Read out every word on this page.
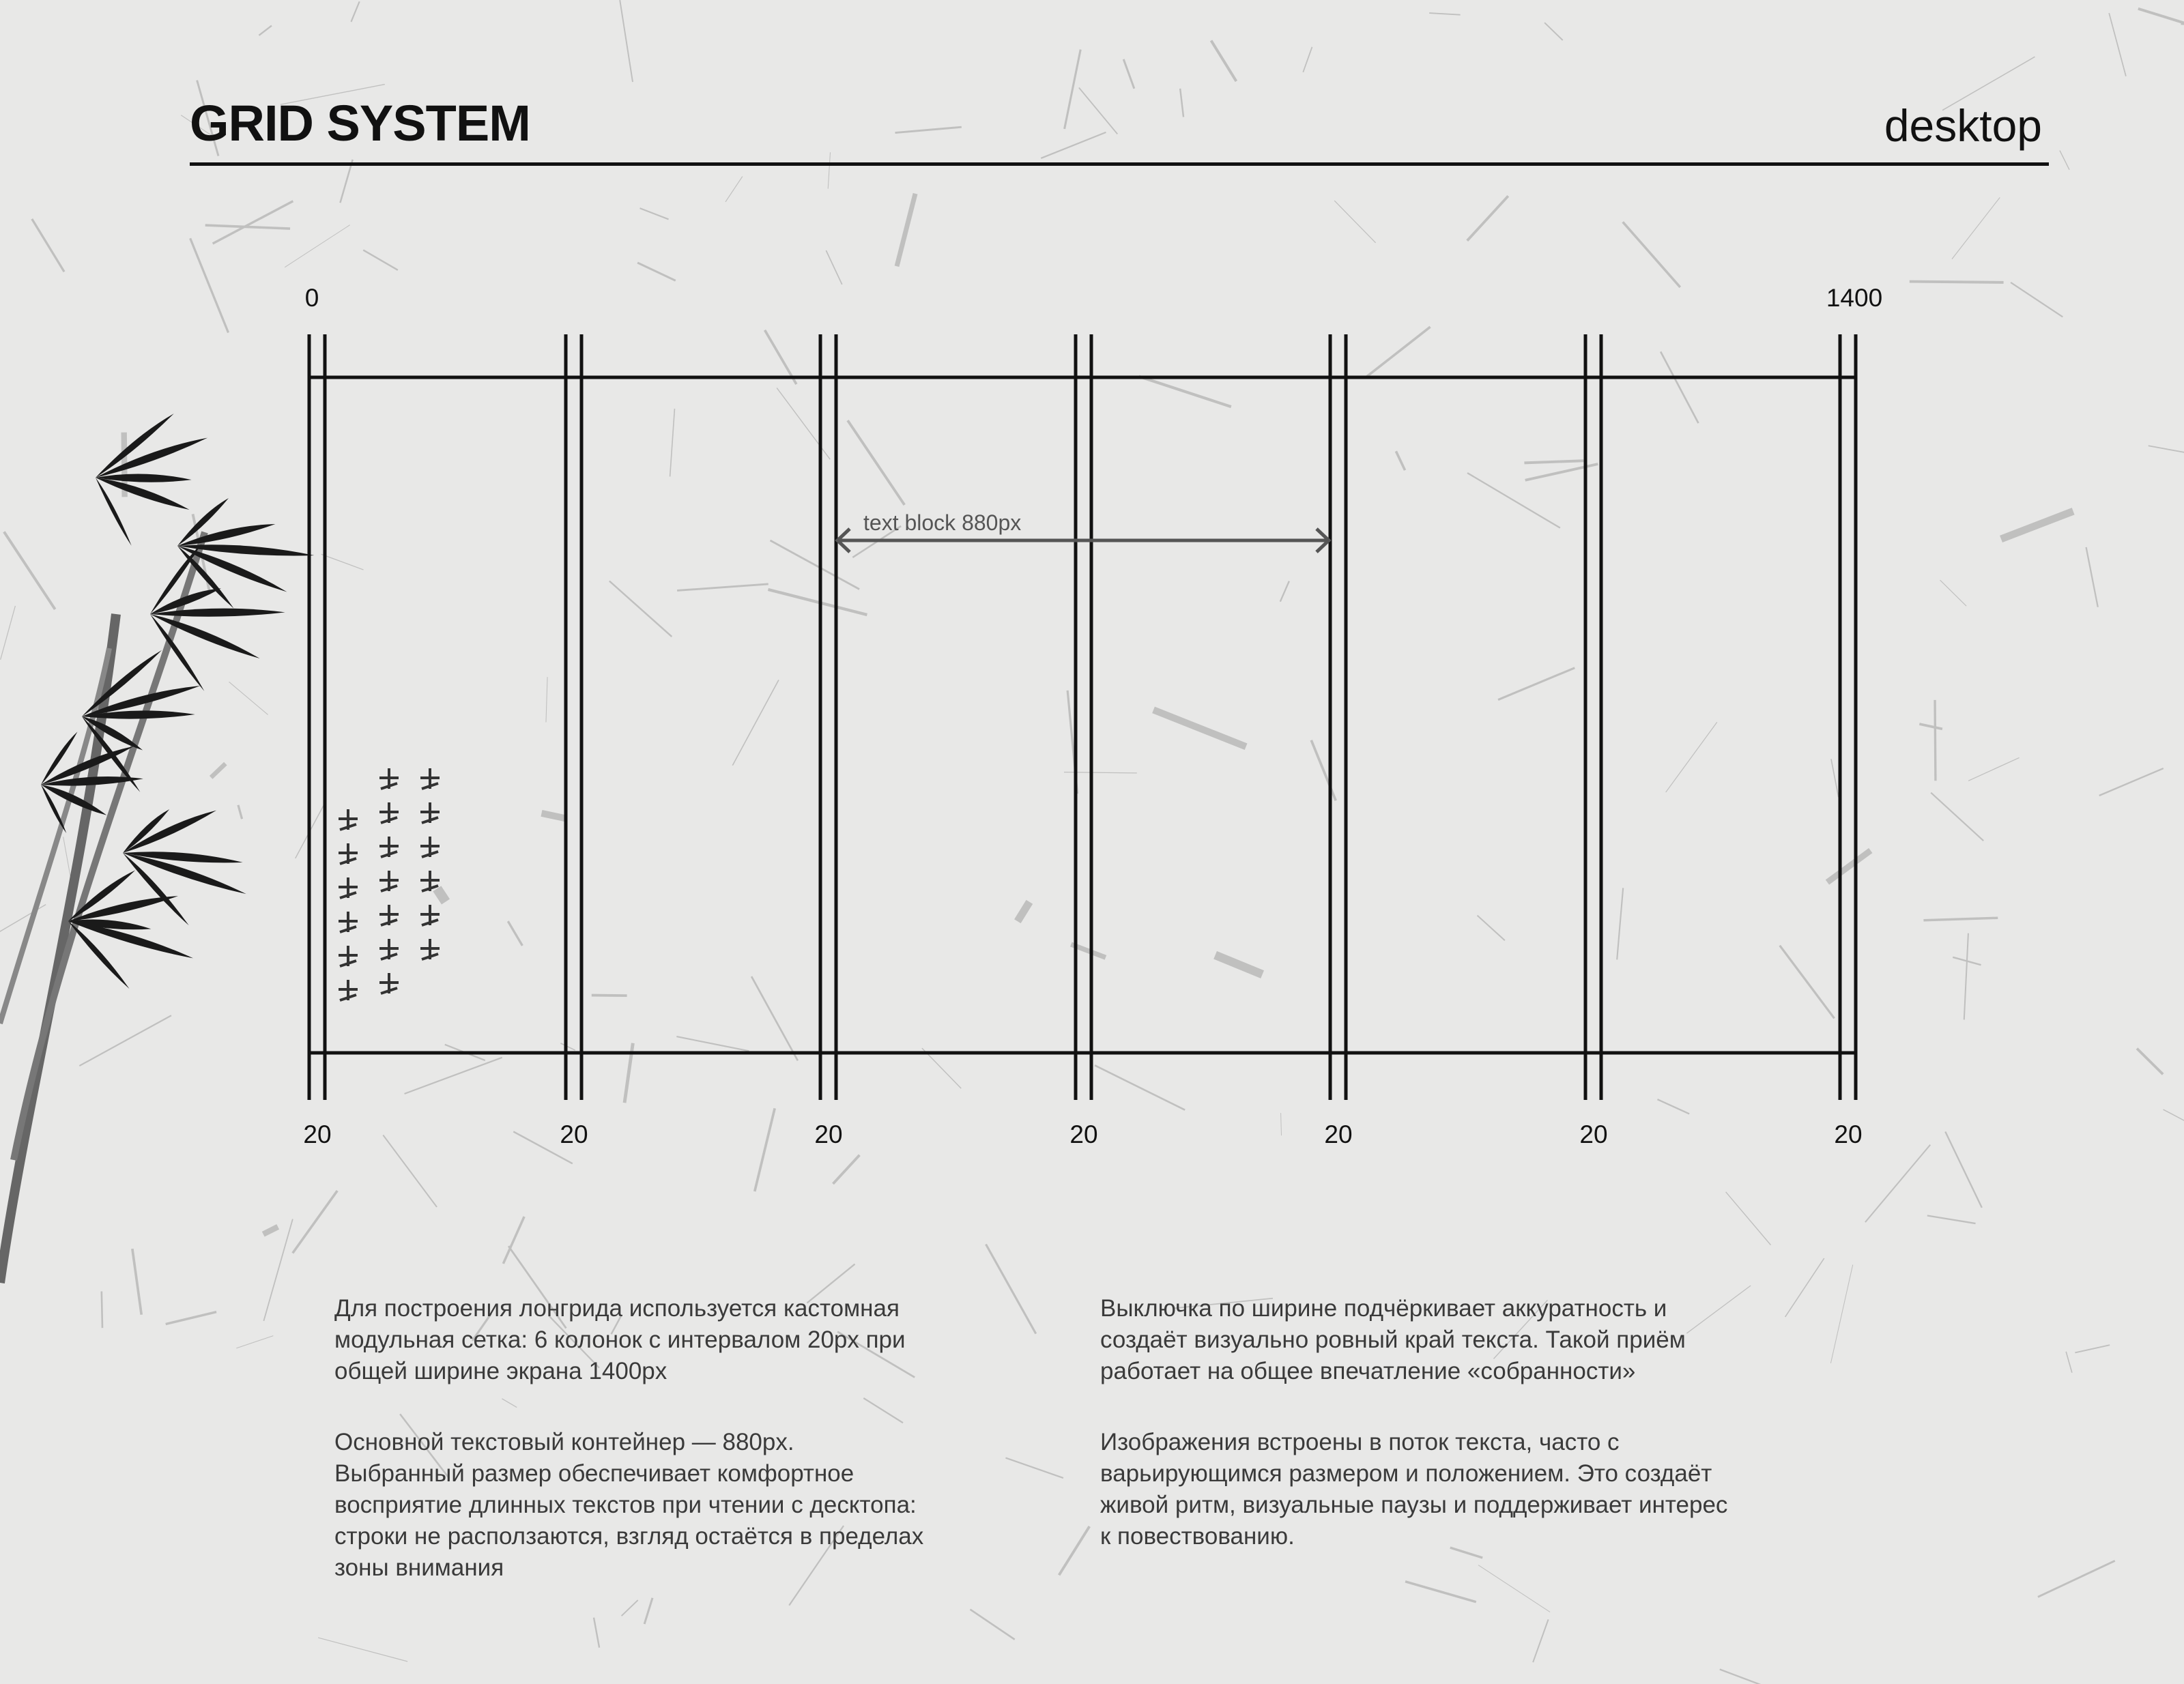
GRID SYSTEM	desktop
0	1400
text block 880px
20	20	20	20	20	20	20

Для построения лонгрида используется кастомная
модульная сетка: 6 колонок с интервалом 20px при
общей ширине экрана 1400px

Основной текстовый контейнер — 880px.
Выбранный размер обеспечивает комфортное
восприятие длинных текстов при чтении с десктопа:
строки не расползаются, взгляд остаётся в пределах
зоны внимания

Выключка по ширине подчёркивает аккуратность и
создаёт визуально ровный край текста. Такой приём
работает на общее впечатление «собранности»

Изображения встроены в поток текста, часто с
варьирующимся размером и положением. Это создаёт
живой ритм, визуальные паузы и поддерживает интерес
к повествованию.
